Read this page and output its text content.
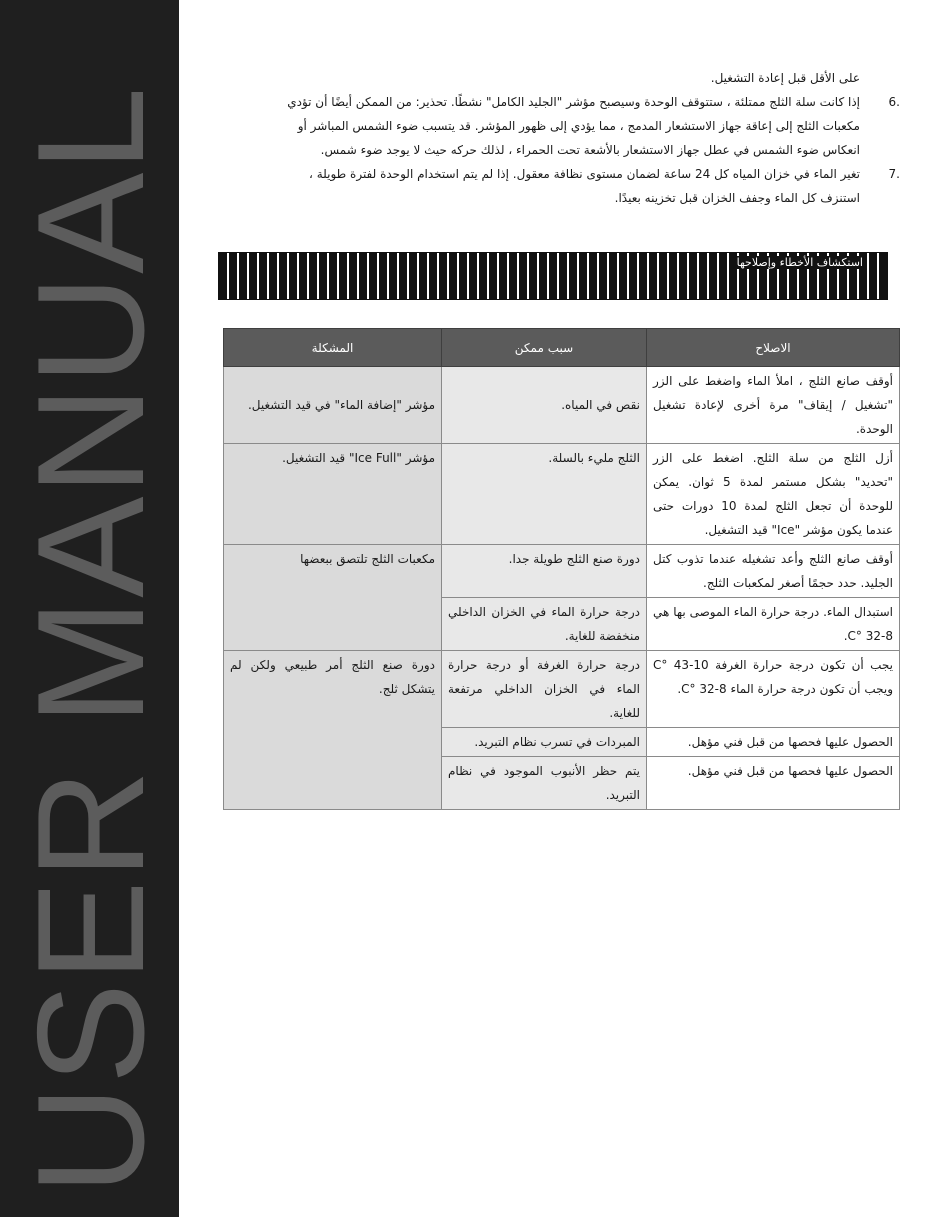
USER MANUAL
على الأقل قبل إعادة التشغيل.
6.
إذا كانت سلة الثلج ممتلئة ، ستتوقف الوحدة وسيصبح مؤشر "الجليد الكامل" نشطًا. تحذير: من الممكن أيضًا أن تؤدي مكعبات الثلج إلى إعاقة جهاز الاستشعار المدمج ، مما يؤدي إلى ظهور المؤشر. قد يتسبب ضوء الشمس المباشر أو انعكاس ضوء الشمس في عطل جهاز الاستشعار بالأشعة تحت الحمراء ، لذلك حركه حيث لا يوجد ضوء شمس.
7.
تغير الماء في خزان المياه كل 24 ساعة لضمان مستوى نظافة معقول. إذا لم يتم استخدام الوحدة لفترة طويلة ، استنزف كل الماء وجفف الخزان قبل تخزينه بعيدًا.
استكشاف الأخطاء وإصلاحها
الاصلاح	سبب ممكن	المشكلة
أوقف صانع الثلج ، املأ الماء واضغط على الزر "تشغيل / إيقاف" مرة أخرى لإعادة تشغيل الوحدة.	نقص في المياه.	مؤشر "إضافة الماء" في قيد التشغيل.
أزل الثلج من سلة الثلج. اضغط على الزر "تحديد" بشكل مستمر لمدة 5 ثوان. يمكن للوحدة أن تجعل الثلج لمدة 10 دورات حتى عندما يكون مؤشر "Ice" قيد التشغيل.	الثلج مليء بالسلة.	مؤشر "Ice Full" قيد التشغيل.
أوقف صانع الثلج وأعد تشغيله عندما تذوب كتل الجليد. حدد حجمًا أصغر لمكعبات الثلج.	دورة صنع الثلج طويلة جدا.	مكعبات الثلج تلتصق ببعضها
استبدال الماء. درجة حرارة الماء الموصى بها هي 8-32 °C.	درجة حرارة الماء في الخزان الداخلي منخفضة للغاية.	
يجب أن تكون درجة حرارة الغرفة 10-43 °C ويجب أن تكون درجة حرارة الماء 8-32 °C.	درجة حرارة الغرفة أو درجة حرارة الماء في الخزان الداخلي مرتفعة للغاية.	دورة صنع الثلج أمر طبيعي ولكن لم يتشكل ثلج.
الحصول عليها فحصها من قبل فني مؤهل.	المبردات في تسرب نظام التبريد.	
الحصول عليها فحصها من قبل فني مؤهل.	يتم حظر الأنبوب الموجود في نظام التبريد.	
